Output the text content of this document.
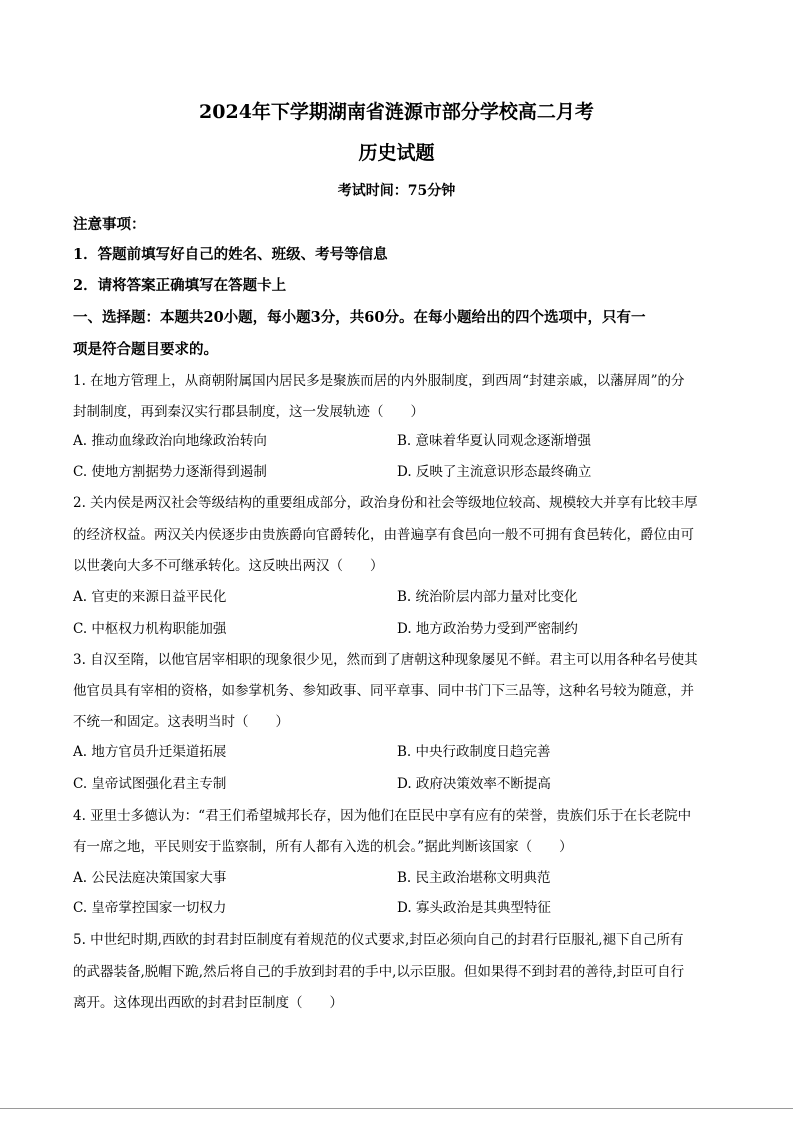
2024年下学期湖南省涟源市部分学校高二月考
历史试题
考试时间：75分钟
注意事项：
1．答题前填写好自己的姓名、班级、考号等信息
2．请将答案正确填写在答题卡上
一、选择题：本题共20小题，每小题3分，共60分。在每小题给出的四个选项中，只有一
项是符合题目要求的。
1. 在地方管理上，从商朝附属国内居民多是聚族而居的内外服制度，到西周“封建亲戚，以藩屏周”的分
封制制度，再到秦汉实行郡县制度，这一发展轨迹（　　）
A. 推动血缘政治向地缘政治转向	B. 意味着华夏认同观念逐渐增强
C. 使地方割据势力逐渐得到遏制	D. 反映了主流意识形态最终确立
2. 关内侯是两汉社会等级结构的重要组成部分，政治身份和社会等级地位较高、规模较大并享有比较丰厚
的经济权益。两汉关内侯逐步由贵族爵向官爵转化，由普遍享有食邑向一般不可拥有食邑转化，爵位由可
以世袭向大多不可继承转化。这反映出两汉（　　）
A. 官吏的来源日益平民化	B. 统治阶层内部力量对比变化
C. 中枢权力机构职能加强	D. 地方政治势力受到严密制约
3. 自汉至隋，以他官居宰相职的现象很少见，然而到了唐朝这种现象屡见不鲜。君主可以用各种名号使其
他官员具有宰相的资格，如参掌机务、参知政事、同平章事、同中书门下三品等，这种名号较为随意，并
不统一和固定。这表明当时（　　）
A. 地方官员升迁渠道拓展	B. 中央行政制度日趋完善
C. 皇帝试图强化君主专制	D. 政府决策效率不断提高
4. 亚里士多德认为：“君王们希望城邦长存，因为他们在臣民中享有应有的荣誉，贵族们乐于在长老院中
有一席之地，平民则安于监察制，所有人都有入选的机会。”据此判断该国家（　　）
A. 公民法庭决策国家大事	B. 民主政治堪称文明典范
C. 皇帝掌控国家一切权力	D. 寡头政治是其典型特征
5. 中世纪时期,西欧的封君封臣制度有着规范的仪式要求,封臣必须向自己的封君行臣服礼,褪下自己所有
的武器装备,脱帽下跪,然后将自己的手放到封君的手中,以示臣服。但如果得不到封君的善待,封臣可自行
离开。这体现出西欧的封君封臣制度（　　）
